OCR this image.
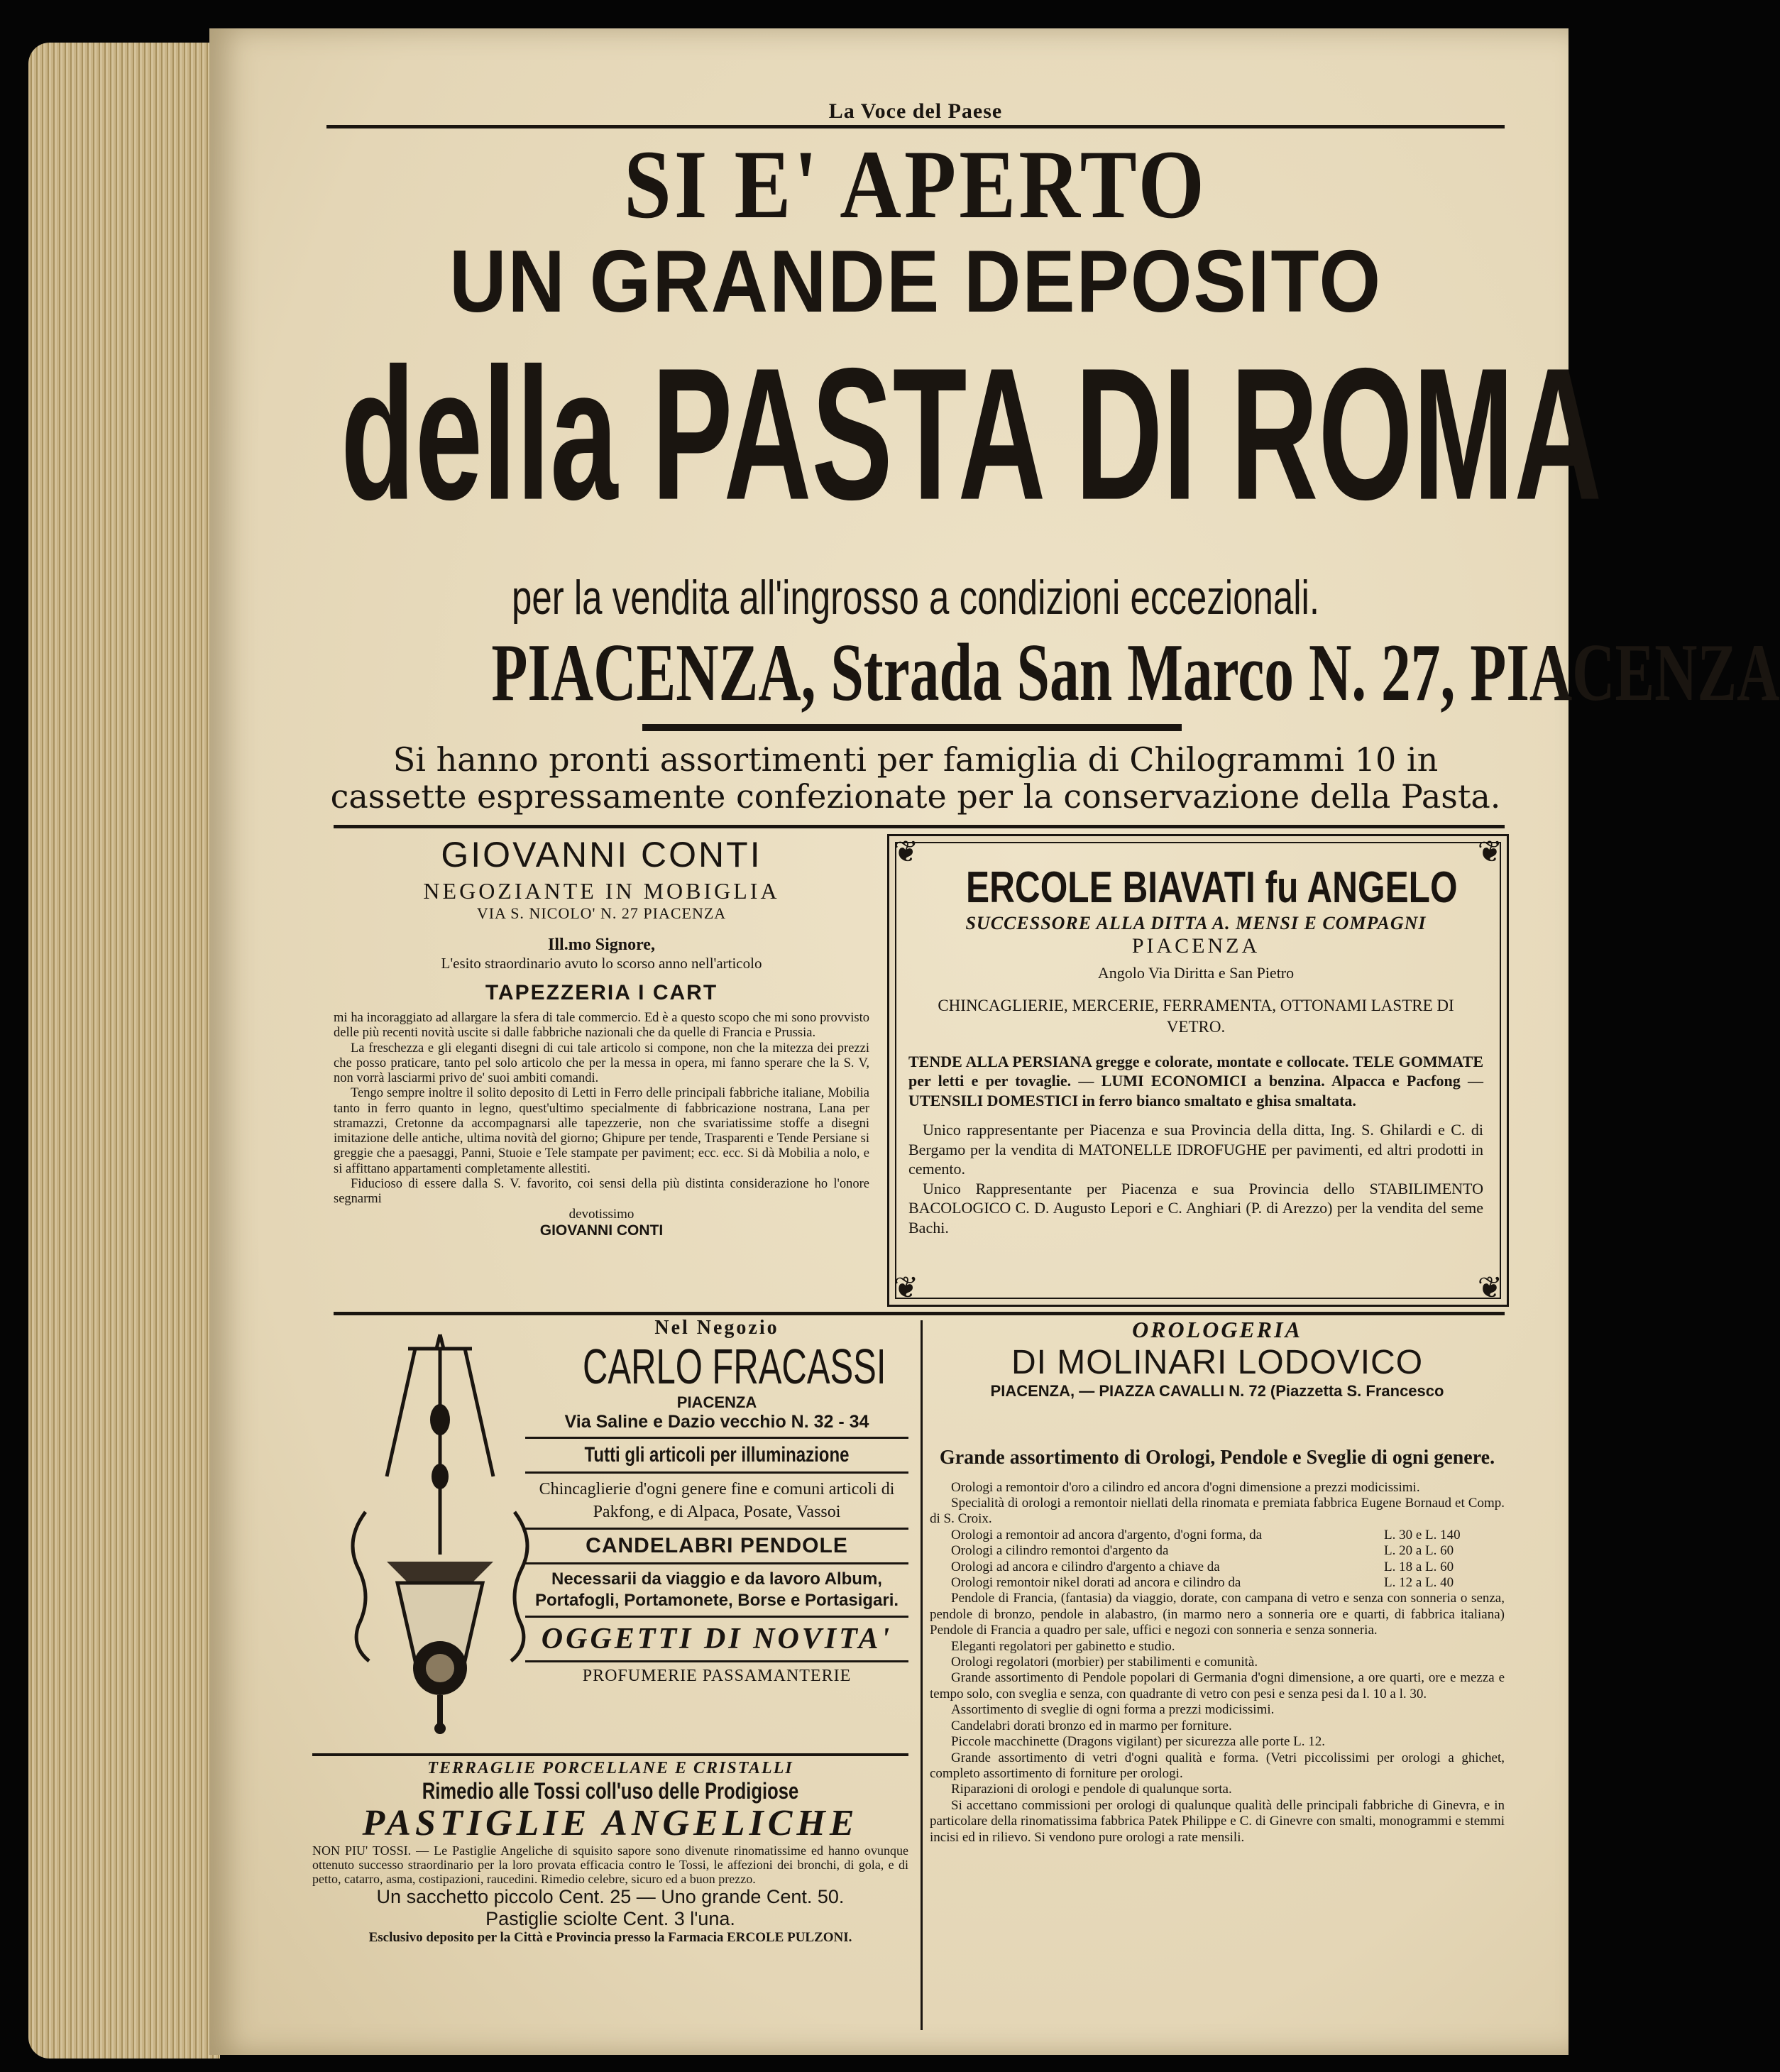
La Voce del Paese
SI E' APERTO
UN GRANDE DEPOSITO
della PASTA DI ROMA
per la vendita all'ingrosso a condizioni eccezionali.
PIACENZA, Strada San Marco N. 27, PIACENZA
Si hanno pronti assortimenti per famiglia di Chilogrammi 10 in cassette espressamente confezionate per la conservazione della Pasta.
GIOVANNI CONTI
NEGOZIANTE IN MOBIGLIA
VIA S. NICOLO' N. 27 PIACENZA
Ill.mo Signore,
L'esito straordinario avuto lo scorso anno nell'articolo
TAPEZZERIA I CART

mi ha incoraggiato ad allargare la sfera di tale commercio. Ed è a questo scopo che mi sono provvisto delle più recenti novità uscite si dalle fabbriche nazionali che da quelle di Francia e Prussia.

La freschezza e gli eleganti disegni di cui tale articolo si compone, non che la mitezza dei prezzi che posso praticare, tanto pel solo articolo che per la messa in opera, mi fanno sperare che la S. V, non vorrà lasciarmi privo de' suoi ambiti comandi.

Tengo sempre inoltre il solito deposito di Letti in Ferro delle principali fabbriche italiane, Mobilia tanto in ferro quanto in legno, quest'ultimo specialmente di fabbricazione nostrana, Lana per stramazzi, Cretonne da accompagnarsi alle tapezzerie, non che svariatissime stoffe a disegni imitazione delle antiche, ultima novità del giorno; Ghipure per tende, Trasparenti e Tende Persiane si greggie che a paesaggi, Panni, Stuoie e Tele stampate per paviment; ecc. ecc. Si dà Mobilia a nolo, e si affittano appartamenti completamente allestiti.

Fiducioso di essere dalla S. V. favorito, coi sensi della più distinta considerazione ho l'onore segnarmi

devotissimo
GIOVANNI CONTI
❦	❦
❦	❦
ERCOLE BIAVATI fu ANGELO
SUCCESSORE ALLA DITTA A. MENSI E COMPAGNI
PIACENZA
Angolo Via Diritta e San Pietro
CHINCAGLIERIE, MERCERIE, FERRAMENTA, OTTONAMI LASTRE DI VETRO.

TENDE ALLA PERSIANA gregge e colorate, montate e collocate. TELE GOMMATE per letti e per tovaglie. — LUMI ECONOMICI a benzina. Alpacca e Pacfong — UTENSILI DOMESTICI in ferro bianco smaltato e ghisa smaltata.

Unico rappresentante per Piacenza e sua Provincia della ditta, Ing. S. Ghilardi e C. di Bergamo per la vendita di MATONELLE IDROFUGHE per pavimenti, ed altri prodotti in cemento.

Unico Rappresentante per Piacenza e sua Provincia dello STABILIMENTO BACOLOGICO C. D. Augusto Lepori e C. Anghiari (P. di Arezzo) per la vendita del seme Bachi.

Nel Negozio
CARLO FRACASSI
PIACENZA
Via Saline e Dazio vecchio N. 32 - 34
Tutti gli articoli per illuminazione
Chincaglierie d'ogni genere fine e comuni articoli di Pakfong, e di Alpaca, Posate, Vassoi
CANDELABRI PENDOLE
Necessarii da viaggio e da lavoro Album, Portafogli, Portamonete, Borse e Portasigari.
OGGETTI DI NOVITA'
PROFUMERIE PASSAMANTERIE
TERRAGLIE PORCELLANE E CRISTALLI
Rimedio alle Tossi coll'uso delle Prodigiose
PASTIGLIE ANGELICHE
NON PIU' TOSSI. — Le Pastiglie Angeliche di squisito sapore sono divenute rinomatissime ed hanno ovunque ottenuto successo straordinario per la loro provata efficacia contro le Tossi, le affezioni dei bronchi, di gola, e di petto, catarro, asma, costipazioni, raucedini. Rimedio celebre, sicuro ed a buon prezzo.
Un sacchetto piccolo Cent. 25 — Uno grande Cent. 50.
Pastiglie sciolte Cent. 3 l'una.
Esclusivo deposito per la Città e Provincia presso la Farmacia ERCOLE PULZONI.
OROLOGERIA
DI MOLINARI LODOVICO
PIACENZA, — PIAZZA CAVALLI N. 72 (Piazzetta S. Francesco
Grande assortimento di Orologi, Pendole e Sveglie di ogni genere.

Orologi a remontoir d'oro a cilindro ed ancora d'ogni dimensione a prezzi modicissimi.

Specialità di orologi a remontoir niellati della rinomata e premiata fabbrica Eugene Bornaud et Comp. di S. Croix.

Orologi a remontoir ad ancora d'argento, d'ogni forma, da	L. 30 e L. 140
Orologi a cilindro remontoi d'argento da	L. 20 a L. 60
Orologi ad ancora e cilindro d'argento a chiave da	L. 18 a L. 60
Orologi remontoir nikel dorati ad ancora e cilindro da	L. 12 a L. 40

Pendole di Francia, (fantasia) da viaggio, dorate, con campana di vetro e senza con sonneria o senza, pendole di bronzo, pendole in alabastro, (in marmo nero a sonneria ore e quarti, di fabbrica italiana) Pendole di Francia a quadro per sale, uffici e negozi con sonneria e senza sonneria.

Eleganti regolatori per gabinetto e studio.

Orologi regolatori (morbier) per stabilimenti e comunità.

Grande assortimento di Pendole popolari di Germania d'ogni dimensione, a ore quarti, ore e mezza e tempo solo, con sveglia e senza, con quadrante di vetro con pesi e senza pesi da l. 10 a l. 30.

Assortimento di sveglie di ogni forma a prezzi modicissimi.

Candelabri dorati bronzo ed in marmo per forniture.

Piccole macchinette (Dragons vigilant) per sicurezza alle porte L. 12.

Grande assortimento di vetri d'ogni qualità e forma. (Vetri piccolissimi per orologi a ghichet, completo assortimento di forniture per orologi.

Riparazioni di orologi e pendole di qualunque sorta.

Si accettano commissioni per orologi di qualunque qualità delle principali fabbriche di Ginevra, e in particolare della rinomatissima fabbrica Patek Philippe e C. di Ginevre con smalti, monogrammi e stemmi incisi ed in rilievo. Si vendono pure orologi a rate mensili.
